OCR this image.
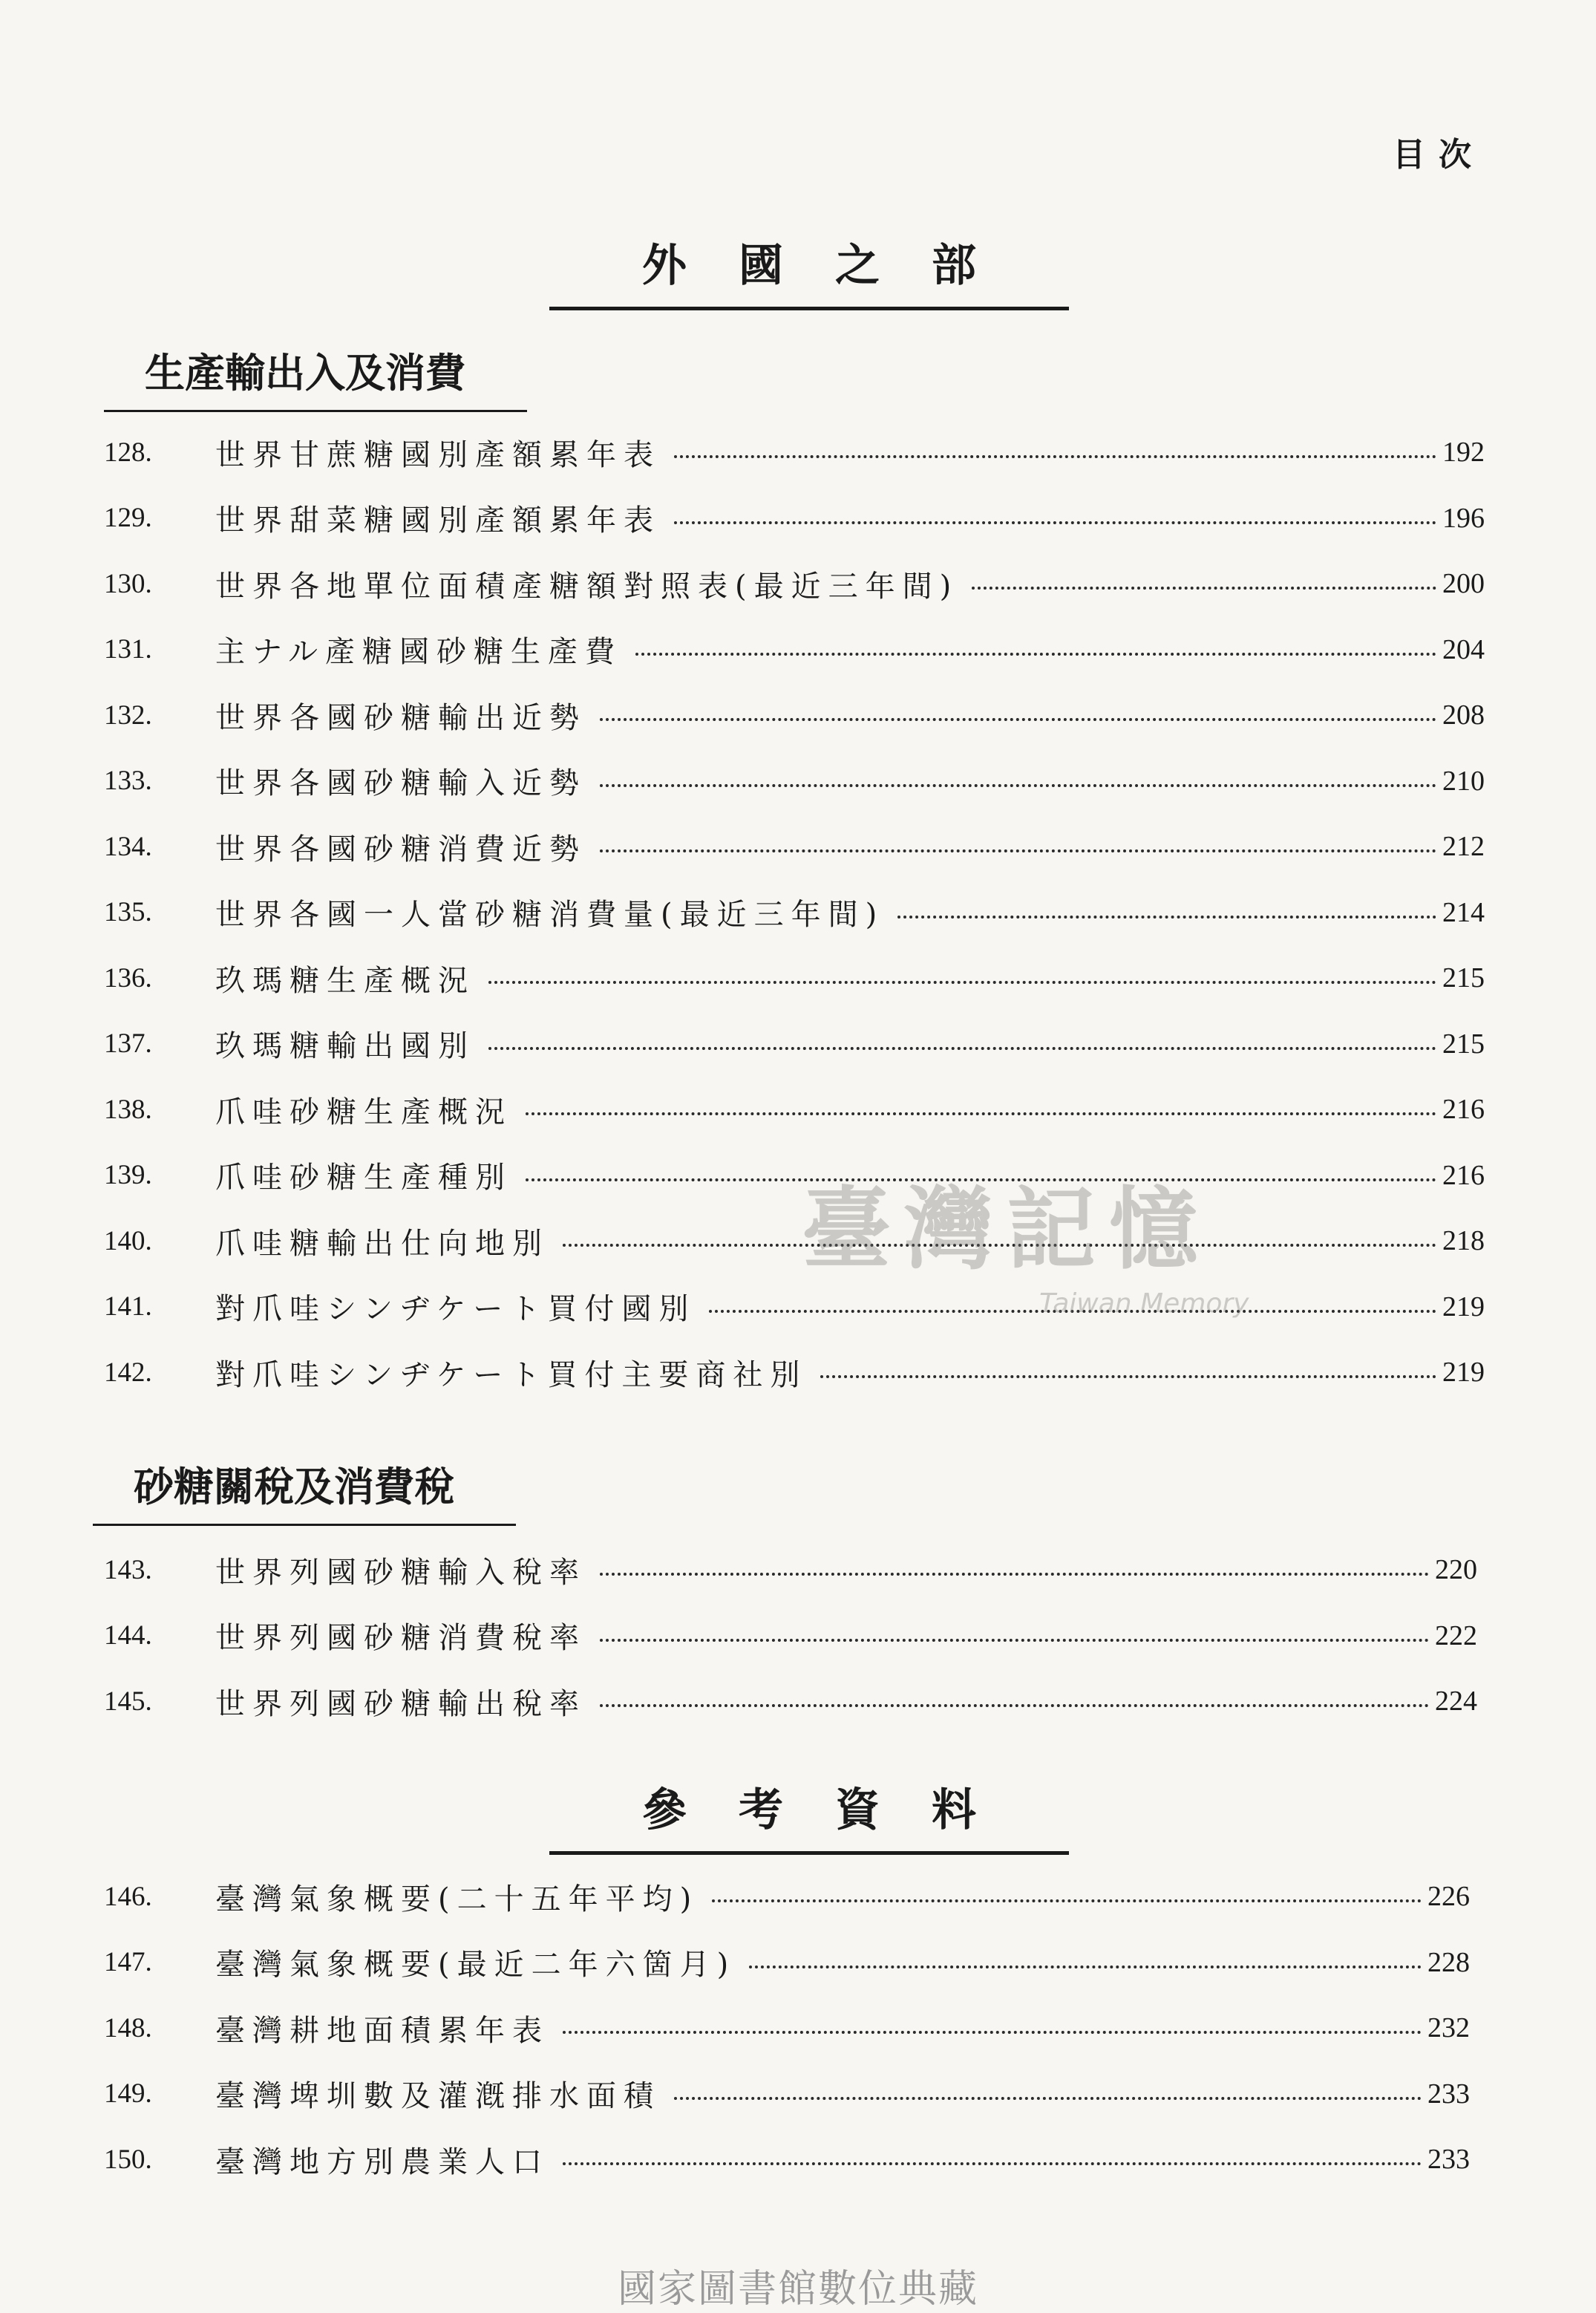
目次
外國之部
生產輸出入及消費
128.	世界甘蔗糖國別產額累年表	192
129.	世界甜菜糖國別產額累年表	196
130.	世界各地單位面積產糖額對照表(最近三年間)	200
131.	主ナル產糖國砂糖生產費	204
132.	世界各國砂糖輸出近勢	208
133.	世界各國砂糖輸入近勢	210
134.	世界各國砂糖消費近勢	212
135.	世界各國一人當砂糖消費量(最近三年間)	214
136.	玖瑪糖生產概況	215
137.	玖瑪糖輸出國別	215
138.	爪哇砂糖生產概況	216
139.	爪哇砂糖生產種別	216
140.	爪哇糖輸出仕向地別	218
141.	對爪哇シンヂケート買付國別	219
142.	對爪哇シンヂケート買付主要商社別	219
砂糖關稅及消費稅
143.	世界列國砂糖輸入稅率	220
144.	世界列國砂糖消費稅率	222
145.	世界列國砂糖輸出稅率	224
參考資料
146.	臺灣氣象概要(二十五年平均)	226
147.	臺灣氣象概要(最近二年六箇月)	228
148.	臺灣耕地面積累年表	232
149.	臺灣埤圳數及灌漑排水面積	233
150.	臺灣地方別農業人口	233
臺灣記憶
Taiwan Memory
國家圖書館數位典藏
